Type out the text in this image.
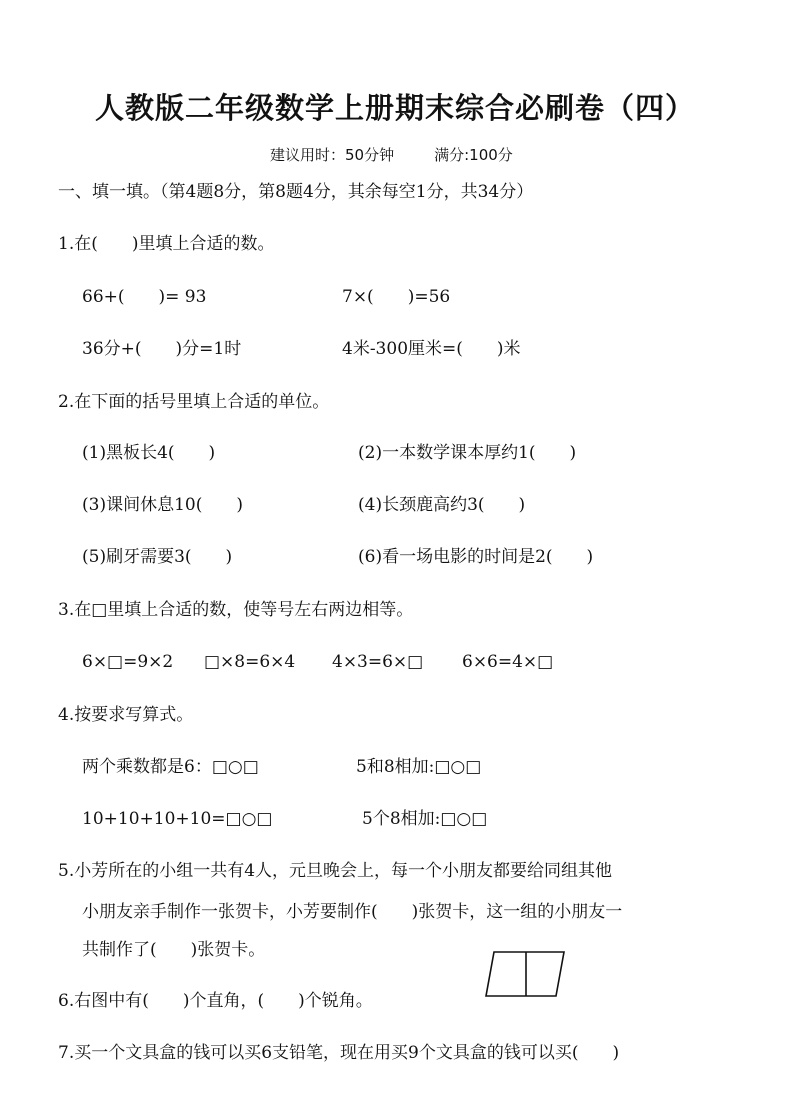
人教版二年级数学上册期末综合必刷卷（四）
建议用时：50分钟	满分:100分
一、填一填。（第4题8分，第8题4分，其余每空1分，共34分）
1.在(　　)里填上合适的数。
66+(　　)= 93	7×(　　)=56
36分+(　　)分=1时	4米-300厘米=(　　)米
2.在下面的括号里填上合适的单位。
(1)黑板长4(　　)	(2)一本数学课本厚约1(　　)
(3)课间休息10(　　)	(4)长颈鹿高约3(　　)
(5)刷牙需要3(　　)	(6)看一场电影的时间是2(　　)
3.在□里填上合适的数，使等号左右两边相等。
6×□=9×2 □×8=6×4 4×3=6×□ 6×6=4×□
4.按要求写算式。
两个乘数都是6：□○□	5和8相加:□○□
10+10+10+10=□○□	5个8相加:□○□
5.小芳所在的小组一共有4人，元旦晚会上，每一个小朋友都要给同组其他
小朋友亲手制作一张贺卡，小芳要制作(　　)张贺卡，这一组的小朋友一
共制作了(　　)张贺卡。
6.右图中有(　　)个直角，(　　)个锐角。
7.买一个文具盒的钱可以买6支铅笔，现在用买9个文具盒的钱可以买(　　)
